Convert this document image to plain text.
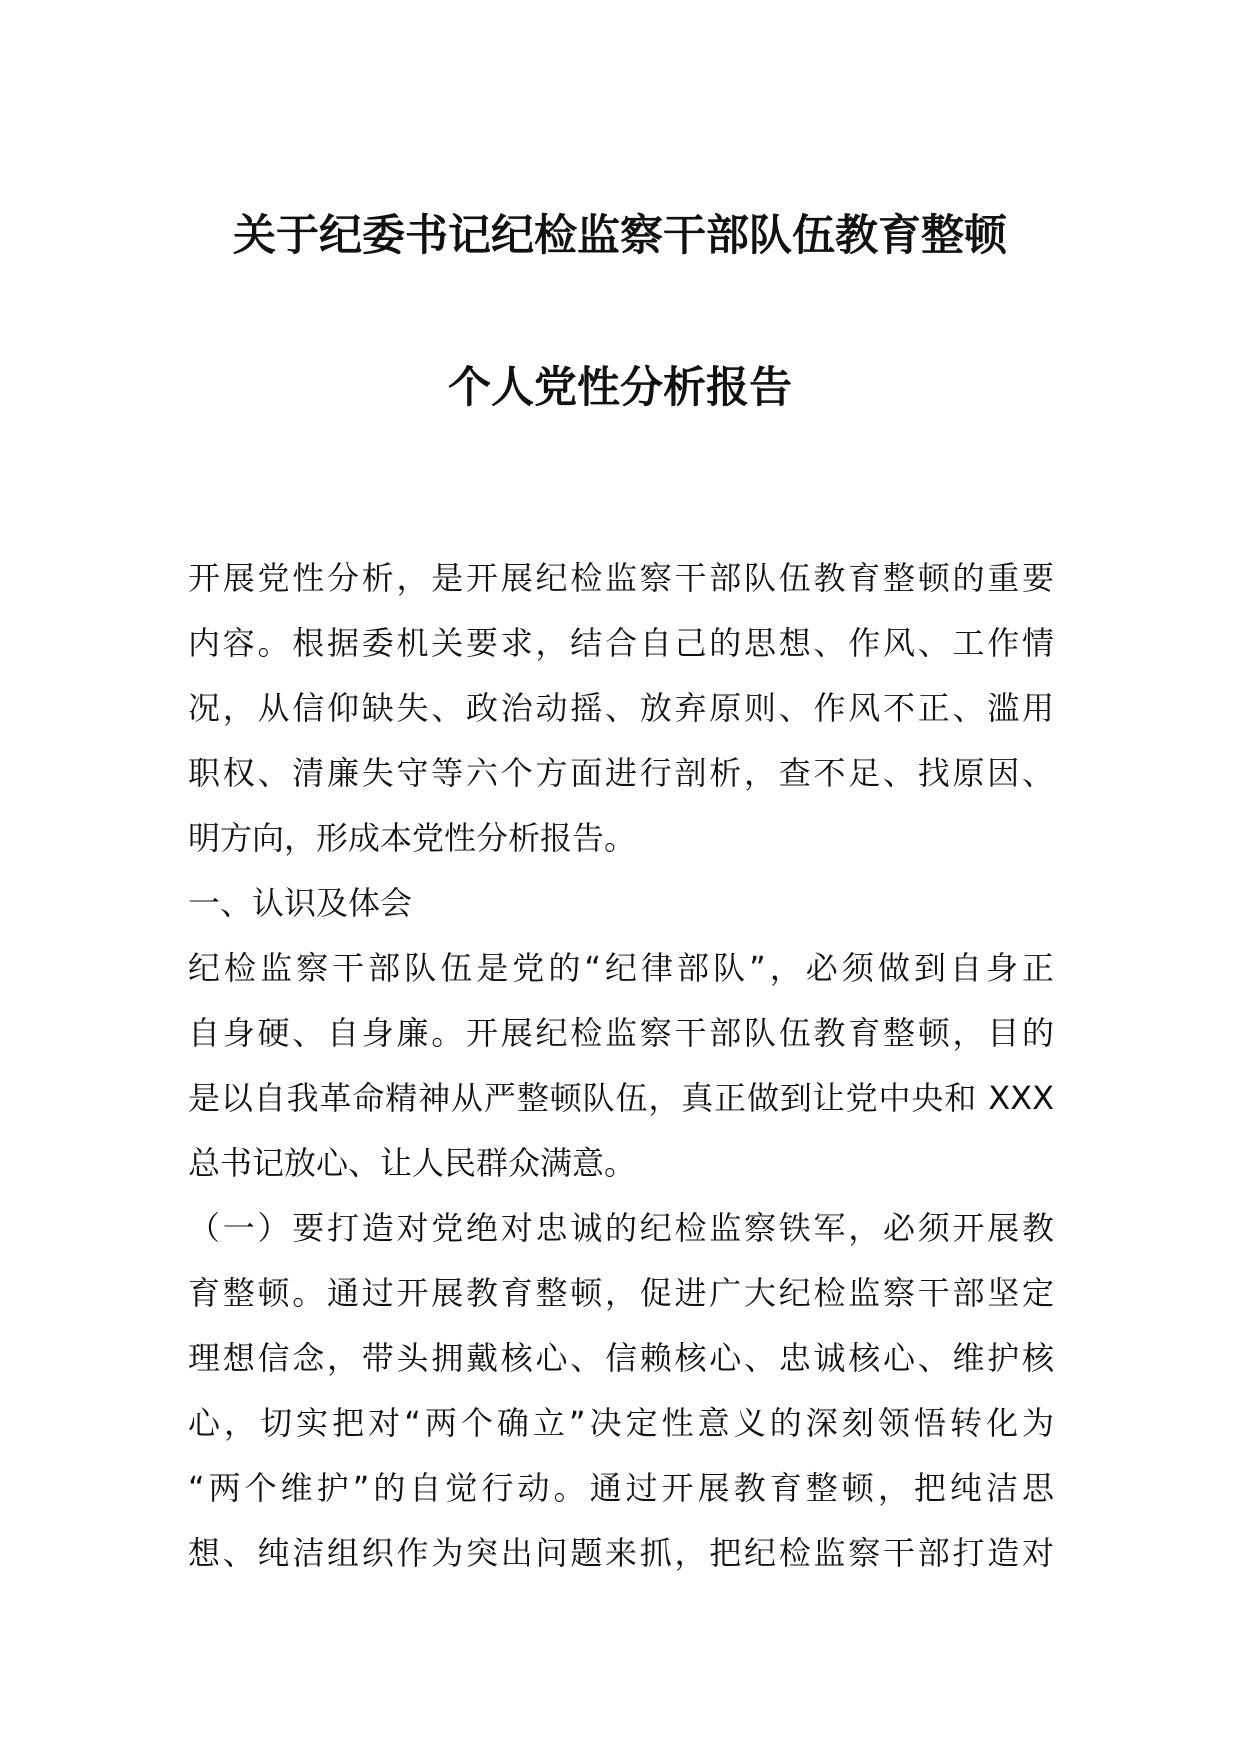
关于纪委书记纪检监察干部队伍教育整顿
个人党性分析报告
开展党性分析，是开展纪检监察干部队伍教育整顿的重要
内容。根据委机关要求，结合自己的思想、作风、工作情
况，从信仰缺失、政治动摇、放弃原则、作风不正、滥用
职权、清廉失守等六个方面进行剖析，查不足、找原因、
明方向，形成本党性分析报告。
一、认识及体会
纪检监察干部队伍是党的“纪律部队”，必须做到自身正
自身硬、自身廉。开展纪检监察干部队伍教育整顿，目的
是以自我革命精神从严整顿队伍，真正做到让党中央和 XXX
总书记放心、让人民群众满意。
（一）要打造对党绝对忠诚的纪检监察铁军，必须开展教
育整顿。通过开展教育整顿，促进广大纪检监察干部坚定
理想信念，带头拥戴核心、信赖核心、忠诚核心、维护核
心，切实把对“两个确立”决定性意义的深刻领悟转化为
“两个维护”的自觉行动。通过开展教育整顿，把纯洁思
想、纯洁组织作为突出问题来抓，把纪检监察干部打造对
